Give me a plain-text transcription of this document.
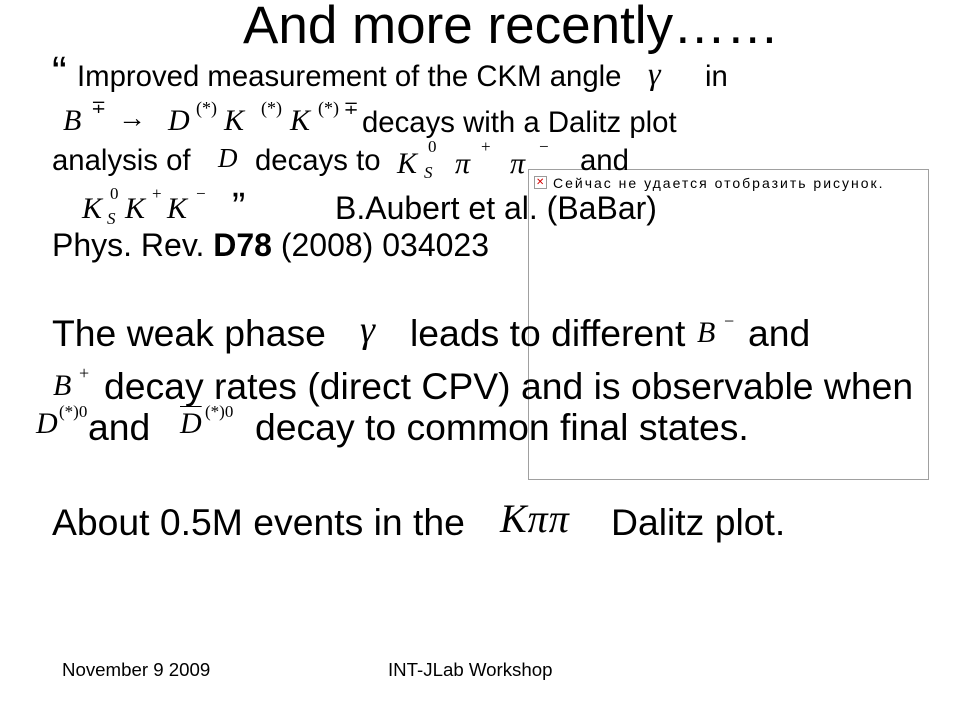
✕ Сейчас не удается отобразить рисунок.
And more recently……
“ Improved measurement of the CKM angle γ in
B ∓ → D (*) K (*) K (*) ∓ decays with a Dalitz plot
analysis of D decays to K
0
S π
+
π
− and
K 0
S K + K − ”	B.Aubert et al. (BaBar)
Phys. Rev. D78 (2008) 034023
The weak phase γ leads to different B − and
B + decay rates (direct CPV) and is observable when
D (*)0 and $\overline{D}$ (*)0 decay to common final states.
About 0.5M events in the Kππ Dalitz plot.
November 9 2009	INT-JLab Workshop
